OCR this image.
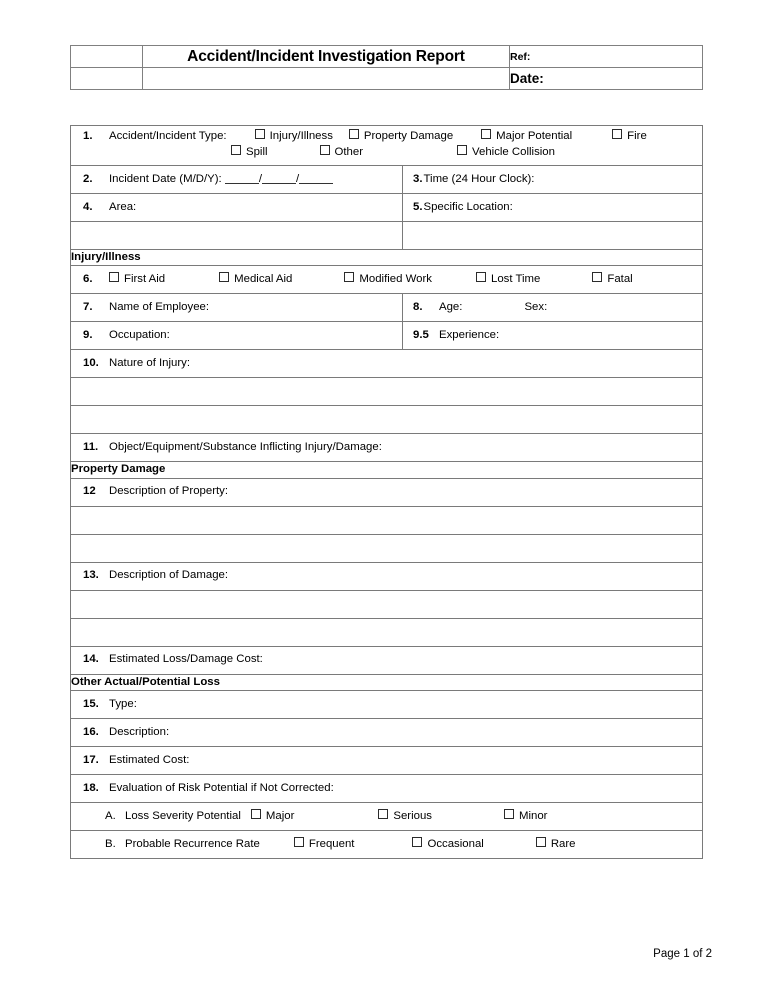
	Accident/Incident Investigation Report	Ref:
		Date:
1. Accident/Incident Type: Injury/Illness Property Damage Major Potential Fire
Spill Other Vehicle Collision	

2. Incident Date (M/D/Y): / /	3.Time (24 Hour Clock):

4. Area:	5.Specific Location:

Injury/Illness	

6. First Aid Medical Aid Modified Work Lost Time Fatal	

7. Name of Employee:	8. Age: Sex:

9. Occupation:	9.5 Experience:

10. Nature of Injury:	

11. Object/Equipment/Substance Inflicting Injury/Damage:	

Property Damage	

12 Description of Property:	

13. Description of Damage:	

14. Estimated Loss/Damage Cost:	

Other Actual/Potential Loss	

15. Type:	

16. Description:	

17. Estimated Cost:	

18. Evaluation of Risk Potential if Not Corrected:	

A. Loss Severity Potential Major Serious Minor	

B. Probable Recurrence Rate Frequent Occasional Rare	
Page 1 of 2
